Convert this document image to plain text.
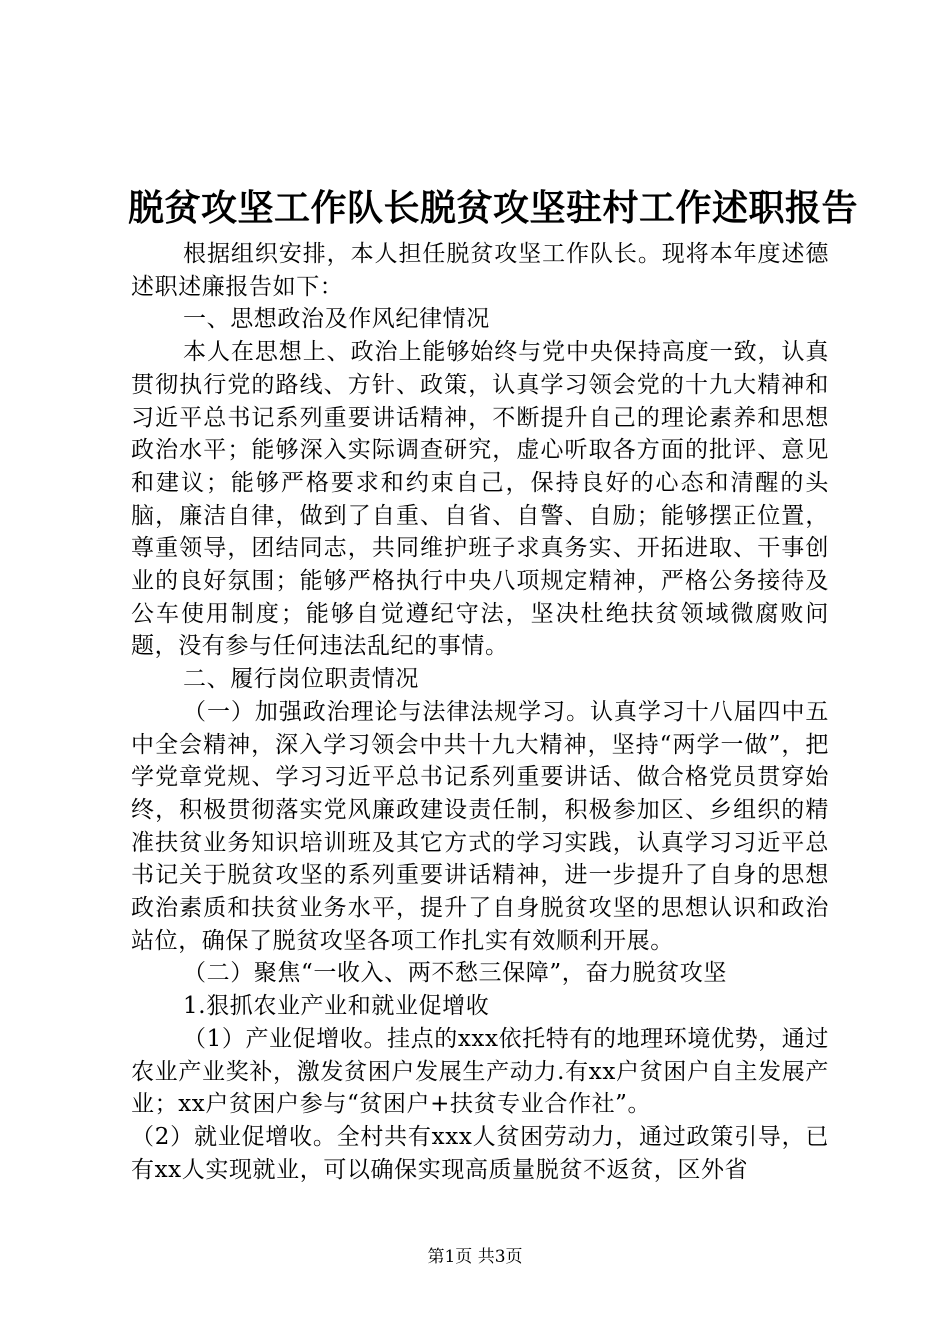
脱贫攻坚工作队长脱贫攻坚驻村工作述职报告

根据组织安排，本人担任脱贫攻坚工作队长。现将本年度述德述职述廉报告如下：

一、思想政治及作风纪律情况

本人在思想上、政治上能够始终与党中央保持高度一致，认真贯彻执行党的路线、方针、政策，认真学习领会党的十九大精神和习近平总书记系列重要讲话精神，不断提升自己的理论素养和思想政治水平；能够深入实际调查研究，虚心听取各方面的批评、意见和建议；能够严格要求和约束自己，保持良好的心态和清醒的头脑，廉洁自律，做到了自重、自省、自警、自励；能够摆正位置，尊重领导，团结同志，共同维护班子求真务实、开拓进取、干事创业的良好氛围；能够严格执行中央八项规定精神，严格公务接待及公车使用制度；能够自觉遵纪守法，坚决杜绝扶贫领域微腐败问题，没有参与任何违法乱纪的事情。

二、履行岗位职责情况

（一）加强政治理论与法律法规学习。认真学习十八届四中五中全会精神，深入学习领会中共十九大精神，坚持“两学一做”，把学党章党规、学习习近平总书记系列重要讲话、做合格党员贯穿始终，积极贯彻落实党风廉政建设责任制，积极参加区、乡组织的精准扶贫业务知识培训班及其它方式的学习实践，认真学习习近平总书记关于脱贫攻坚的系列重要讲话精神，进一步提升了自身的思想政治素质和扶贫业务水平，提升了自身脱贫攻坚的思想认识和政治站位，确保了脱贫攻坚各项工作扎实有效顺利开展。

（二）聚焦“一收入、两不愁三保障”，奋力脱贫攻坚

1.狠抓农业产业和就业促增收

（1）产业促增收。挂点的xxx依托特有的地理环境优势，通过农业产业奖补，激发贫困户发展生产动力.有xx户贫困户自主发展产业；xx户贫困户参与“贫困户+扶贫专业合作社”。

（2）就业促增收。全村共有xxx人贫困劳动力，通过政策引导，已有xx人实现就业，可以确保实现高质量脱贫不返贫，区外省

第1页 共3页
